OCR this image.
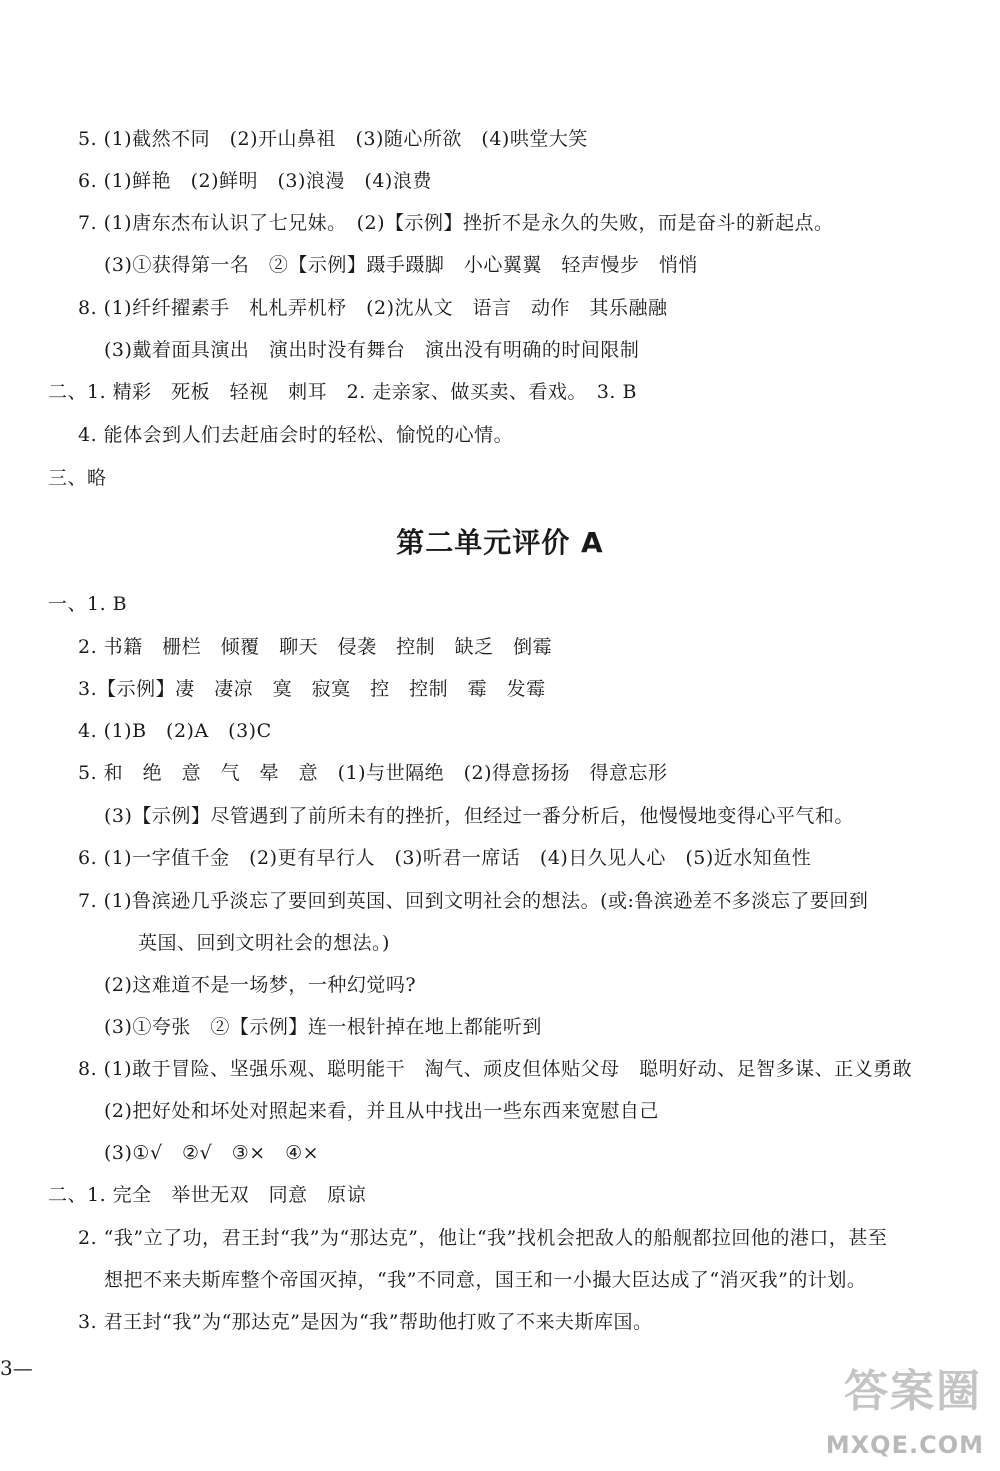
5. (1)截然不同　(2)开山鼻祖　(3)随心所欲　(4)哄堂大笑
6. (1)鲜艳　(2)鲜明　(3)浪漫　(4)浪费
7. (1)唐东杰布认识了七兄妹。　(2)【示例】挫折不是永久的失败，而是奋斗的新起点。
(3)①获得第一名　②【示例】蹑手蹑脚　小心翼翼　轻声慢步　悄悄
8. (1)纤纤擢素手　札札弄机杼　(2)沈从文　语言　动作　其乐融融
(3)戴着面具演出　演出时没有舞台　演出没有明确的时间限制
二、1. 精彩　死板　轻视　刺耳　2. 走亲家、做买卖、看戏。　3. B
4. 能体会到人们去赶庙会时的轻松、愉悦的心情。
三、略
第二单元评价 A
一、1. B
2. 书籍　栅栏　倾覆　聊天　侵袭　控制　缺乏　倒霉
3.【示例】凄　凄凉　寞　寂寞　控　控制　霉　发霉
4. (1)B　(2)A　(3)C
5. 和　绝　意　气　晕　意　(1)与世隔绝　(2)得意扬扬　得意忘形
(3)【示例】尽管遇到了前所未有的挫折，但经过一番分析后，他慢慢地变得心平气和。
6. (1)一字值千金　(2)更有早行人　(3)听君一席话　(4)日久见人心　(5)近水知鱼性
7. (1)鲁滨逊几乎淡忘了要回到英国、回到文明社会的想法。(或:鲁滨逊差不多淡忘了要回到
英国、回到文明社会的想法。)
(2)这难道不是一场梦，一种幻觉吗?
(3)①夸张　②【示例】连一根针掉在地上都能听到
8. (1)敢于冒险、坚强乐观、聪明能干　淘气、顽皮但体贴父母　聪明好动、足智多谋、正义勇敢
(2)把好处和坏处对照起来看，并且从中找出一些东西来宽慰自己
(3)①√　②√　③×　④×
二、1. 完全　举世无双　同意　原谅
2. “我”立了功，君王封“我”为“那达克”，他让“我”找机会把敌人的船舰都拉回他的港口，甚至
想把不来夫斯库整个帝国灭掉，“我”不同意，国王和一小撮大臣达成了“消灭我”的计划。
3. 君王封“我”为“那达克”是因为“我”帮助他打败了不来夫斯库国。
3—	答案圈
MXQE.COM
